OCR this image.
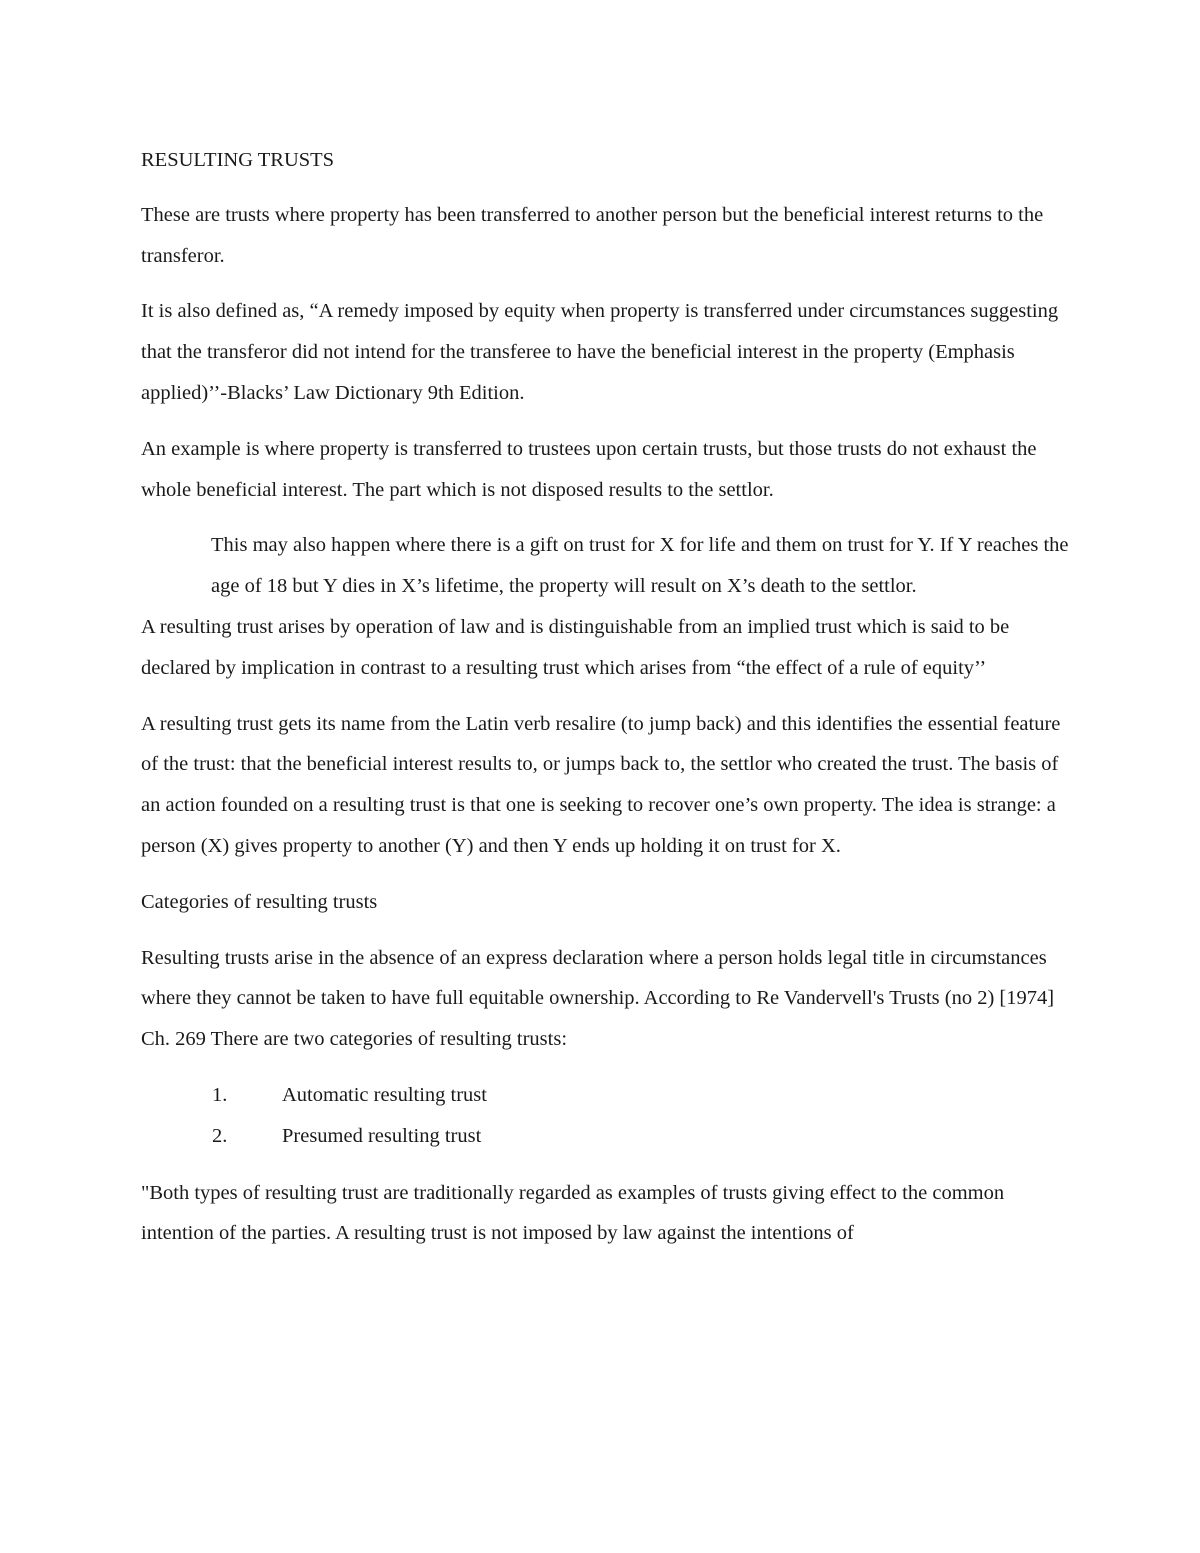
RESULTING TRUSTS

These are trusts where property has been transferred to another person but the beneficial interest returns to the transferor.

It is also defined as, “A remedy imposed by equity when property is transferred under circumstances suggesting that the transferor did not intend for the transferee to have the beneficial interest in the property (Emphasis applied)’’-Blacks’ Law Dictionary 9th Edition.

An example is where property is transferred to trustees upon certain trusts, but those trusts do not exhaust the whole beneficial interest. The part which is not disposed results to the settlor.

This may also happen where there is a gift on trust for X for life and them on trust for Y. If Y reaches the age of 18 but Y dies in X’s lifetime, the property will result on X’s death to the settlor.

A resulting trust arises by operation of law and is distinguishable from an implied trust which is said to be declared by implication in contrast to a resulting trust which arises from “the effect of a rule of equity’’

A resulting trust gets its name from the Latin verb resalire (to jump back) and this identifies the essential feature of the trust: that the beneficial interest results to, or jumps back to, the settlor who created the trust. The basis of an action founded on a resulting trust is that one is seeking to recover one’s own property. The idea is strange: a person (X) gives property to another (Y) and then Y ends up holding it on trust for X.

Categories of resulting trusts

Resulting trusts arise in the absence of an express declaration where a person holds legal title in circumstances where they cannot be taken to have full equitable ownership. According to Re Vandervell's Trusts (no 2) [1974] Ch. 269 There are two categories of resulting trusts:

1.	Automatic resulting trust
2.	Presumed resulting trust

"Both types of resulting trust are traditionally regarded as examples of trusts giving effect to the common intention of the parties. A resulting trust is not imposed by law against the intentions of
